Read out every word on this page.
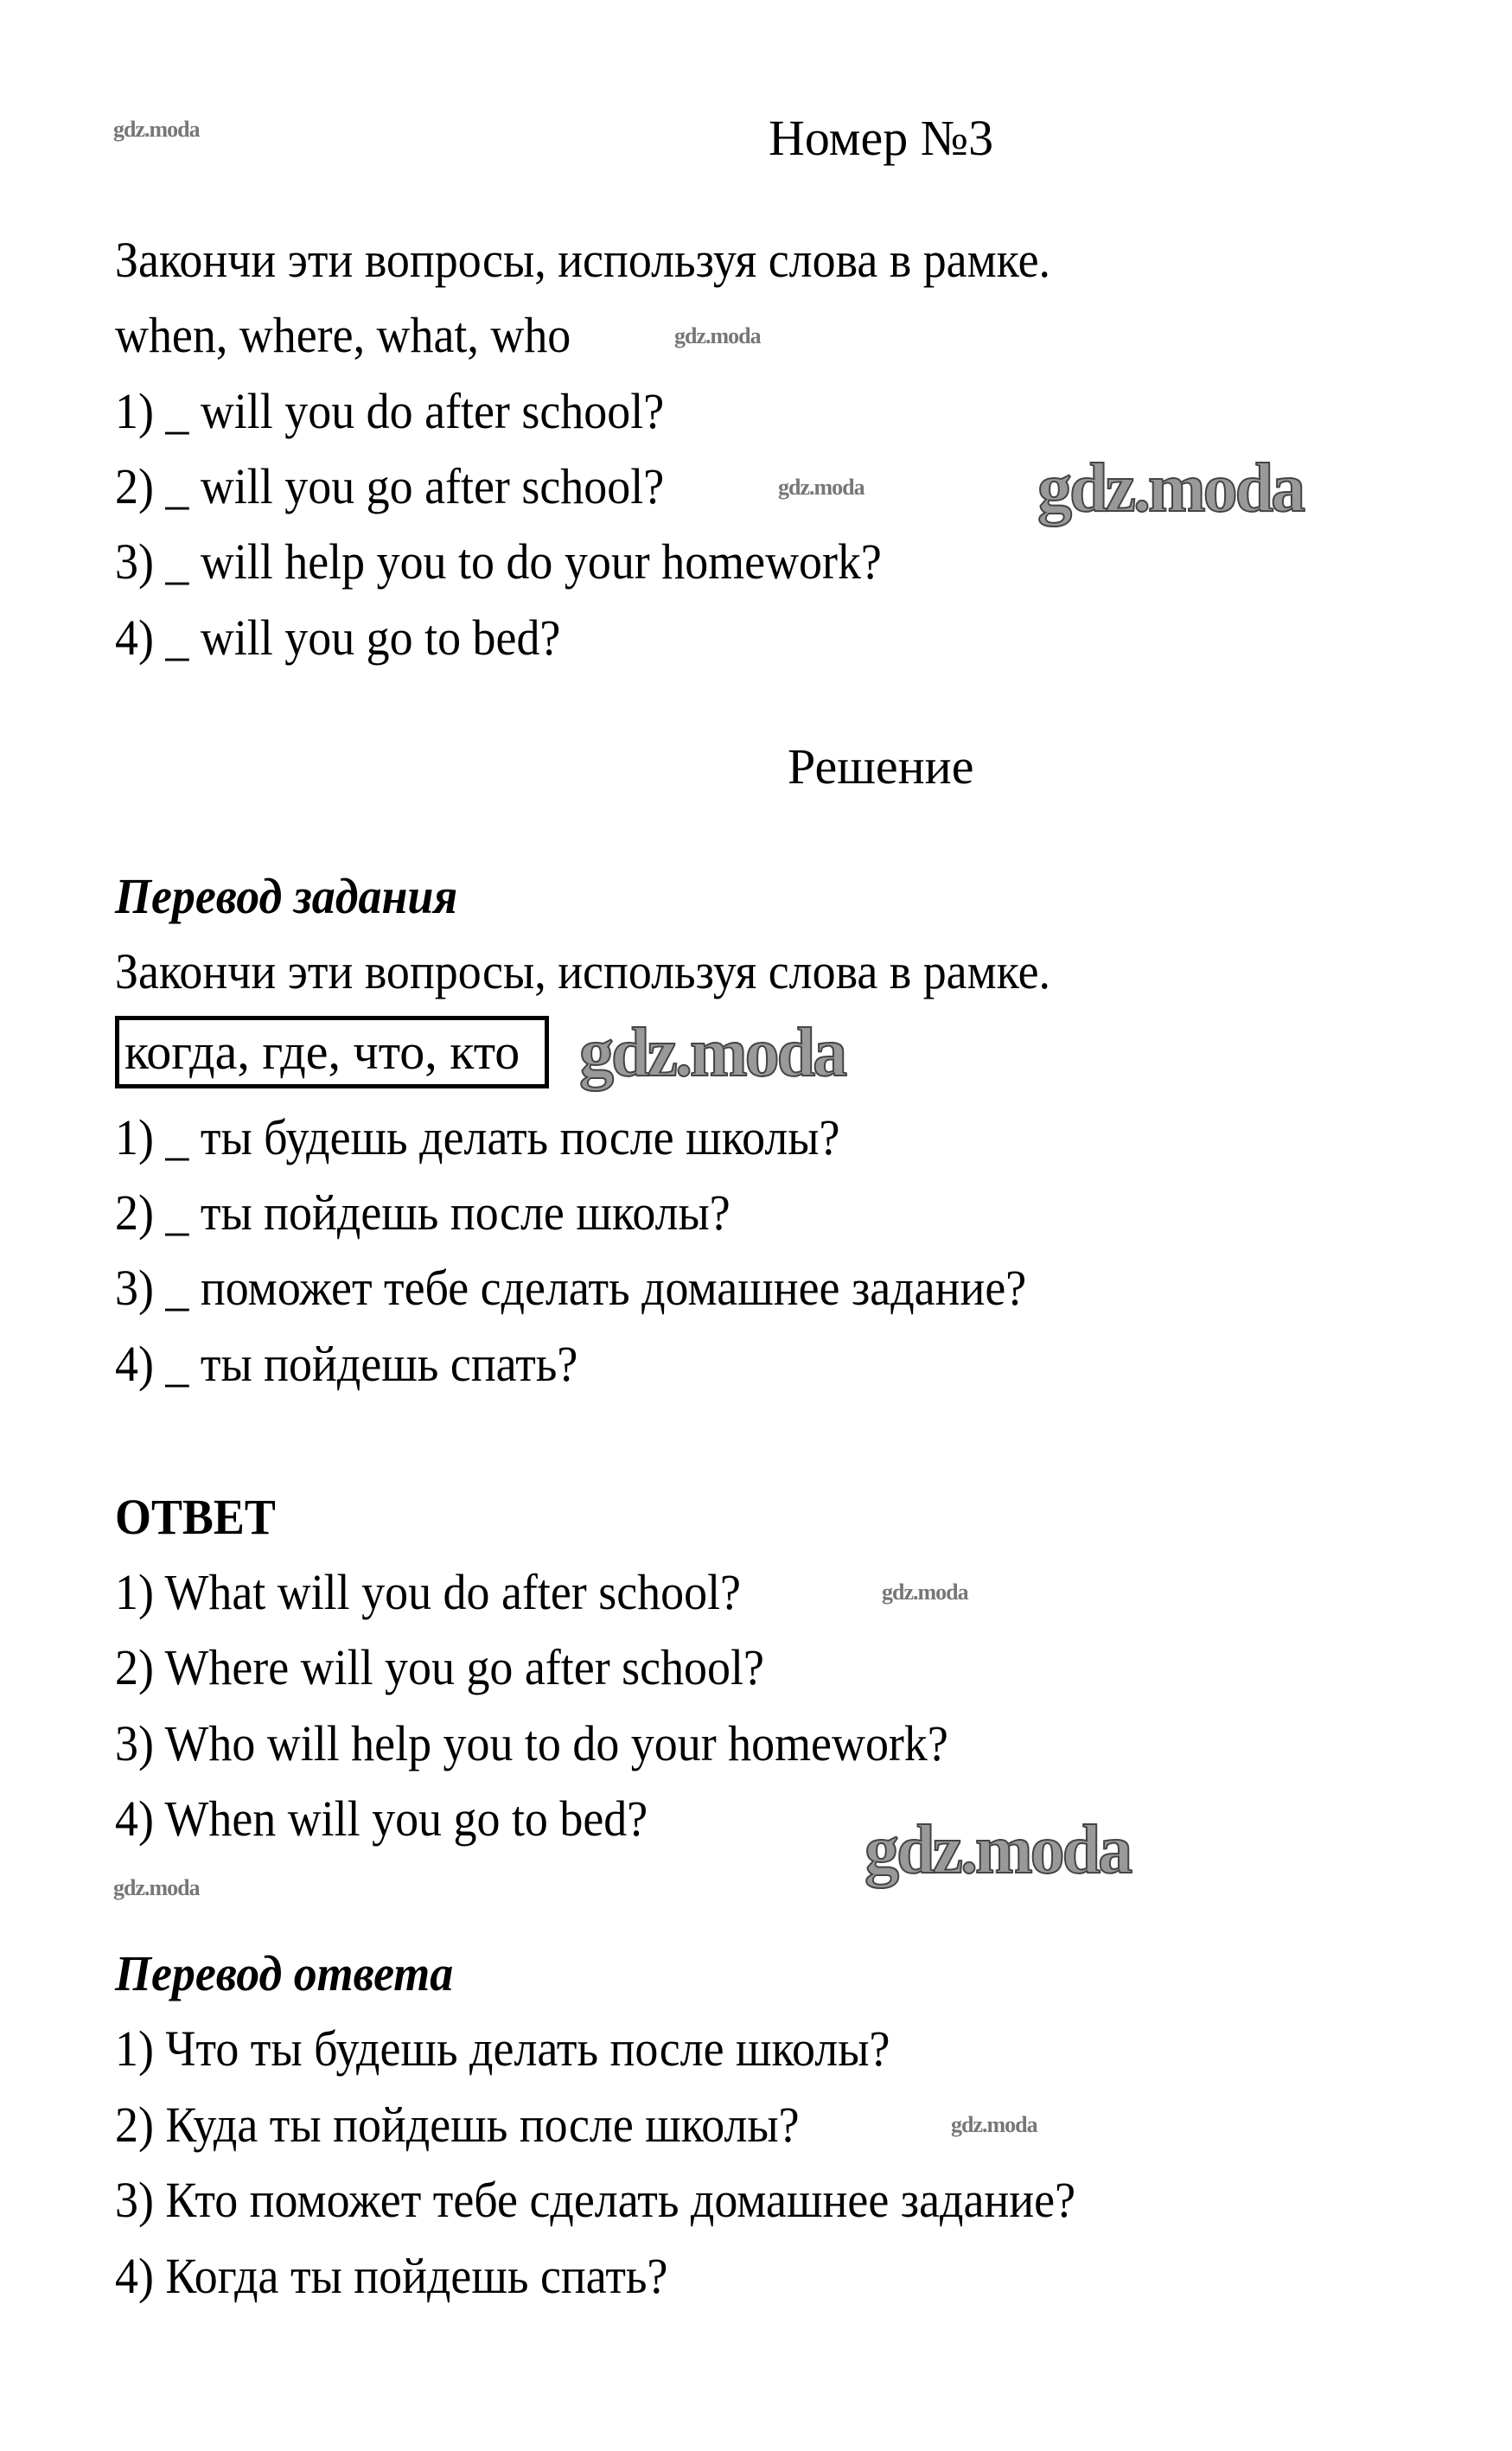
Номер №3
Закончи эти вопросы, используя слова в рамке.
when, where, what, who
1) _ will you do after school?
2) _ will you go after school?
3) _ will help you to do your homework?
4) _ will you go to bed?
Решение
Перевод задания
Закончи эти вопросы, используя слова в рамке.
когда, где, что, кто
1) _ ты будешь делать после школы?
2) _ ты пойдешь после школы?
3) _ поможет тебе сделать домашнее задание?
4) _ ты пойдешь спать?
ОТВЕТ
1) What will you do after school?
2) Where will you go after school?
3) Who will help you to do your homework?
4) When will you go to bed?
Перевод ответа
1) Что ты будешь делать после школы?
2) Куда ты пойдешь после школы?
3) Кто поможет тебе сделать домашнее задание?
4) Когда ты пойдешь спать?
gdz.moda
gdz.moda
gdz.moda
gdz.moda
gdz.moda
gdz.moda
gdz.moda
gdz.moda
gdz.moda
